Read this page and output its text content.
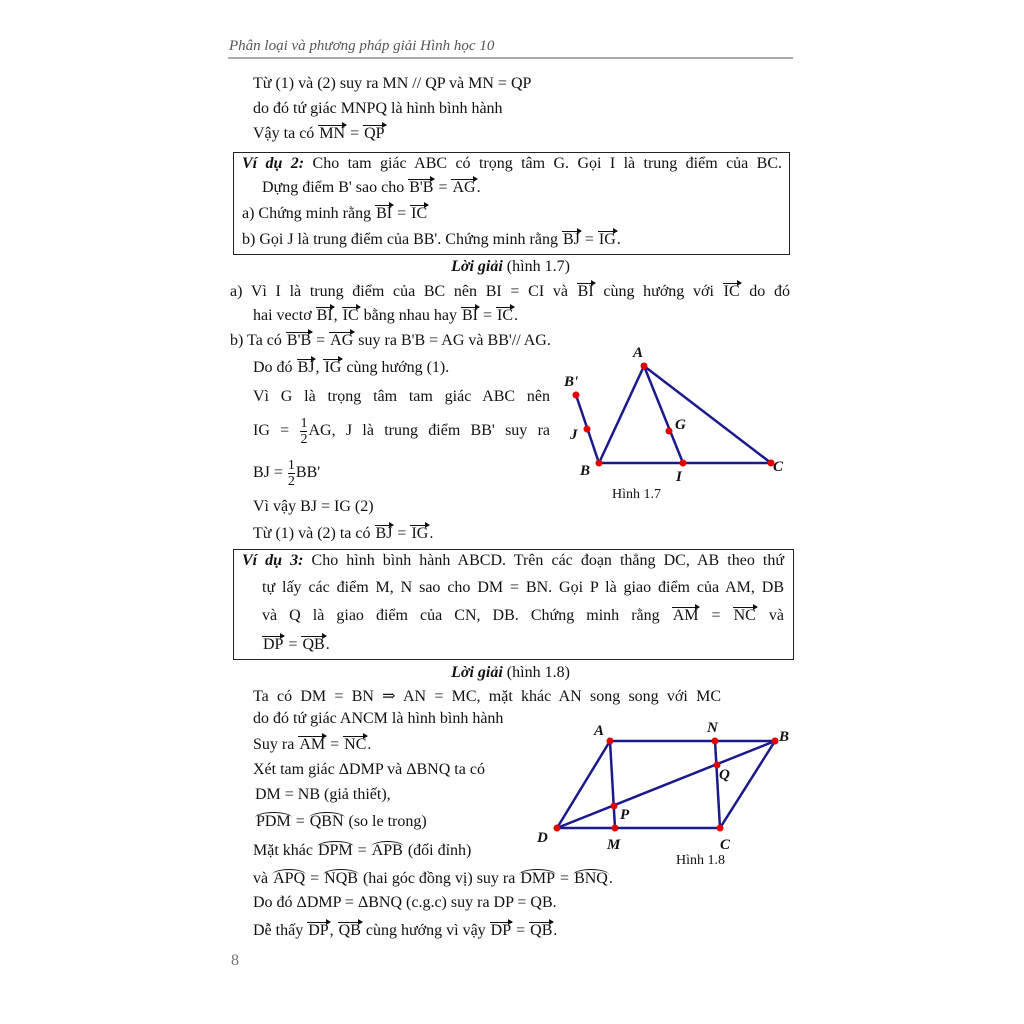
Phân loại và phương pháp giải Hình học 10
Từ (1) và (2) suy ra MN // QP và MN = QP
do đó tứ giác MNPQ là hình bình hành
Vậy ta có MN = QP
Ví dụ 2: Cho tam giác ABC có trọng tâm G. Gọi I là trung điểm của BC.
Dựng điểm B' sao cho B'B = AG.
a) Chứng minh rằng BI = IC
b) Gọi J là trung điểm của BB'. Chứng minh rằng BJ = IG.
Lời giải (hình 1.7)
a) Vì I là trung điểm của BC nên BI = CI và BI cùng hướng với IC do đó
hai vectơ BI, IC bằng nhau hay BI = IC.
b) Ta có B'B = AG suy ra B'B = AG và BB'// AG.
Do đó BJ, IG cùng hướng (1).
Vì G là trọng tâm tam giác ABC nên
IG = $\frac{1}{2}$ AG, J là trung điểm BB' suy ra
BJ = $\frac{1}{2} BB'$
Vì vậy BJ = IG (2)
Từ (1) và (2) ta có BJ = IG.
Ví dụ 3: Cho hình bình hành ABCD. Trên các đoạn thẳng DC, AB theo thứ
tự lấy các điểm M, N sao cho DM = BN. Gọi P là giao điểm của AM, DB
và Q là giao điểm của CN, DB. Chứng minh rằng AM = NC và
DP = QB.
Lời giải (hình 1.8)
Ta có DM = BN ⇒ AN = MC, mặt khác AN song song với MC
do đó tứ giác ANCM là hình bình hành
Suy ra AM = NC.
Xét tam giác ΔDMP và ΔBNQ ta có
DM = NB (giả thiết),
PDM = QBN (so le trong)
Mặt khác DPM = APB (đối đỉnh)
và APQ = NQB (hai góc đồng vị) suy ra DMP = BNQ.
Do đó ΔDMP = ΔBNQ (c.g.c) suy ra DP = QB.
Dễ thấy DP, QB cùng hướng vì vậy DP = QB.
A
B'
J
G
B	I
C
Hình 1.7
A	N
B
Q
P
D	M	C
Hình 1.8
8
